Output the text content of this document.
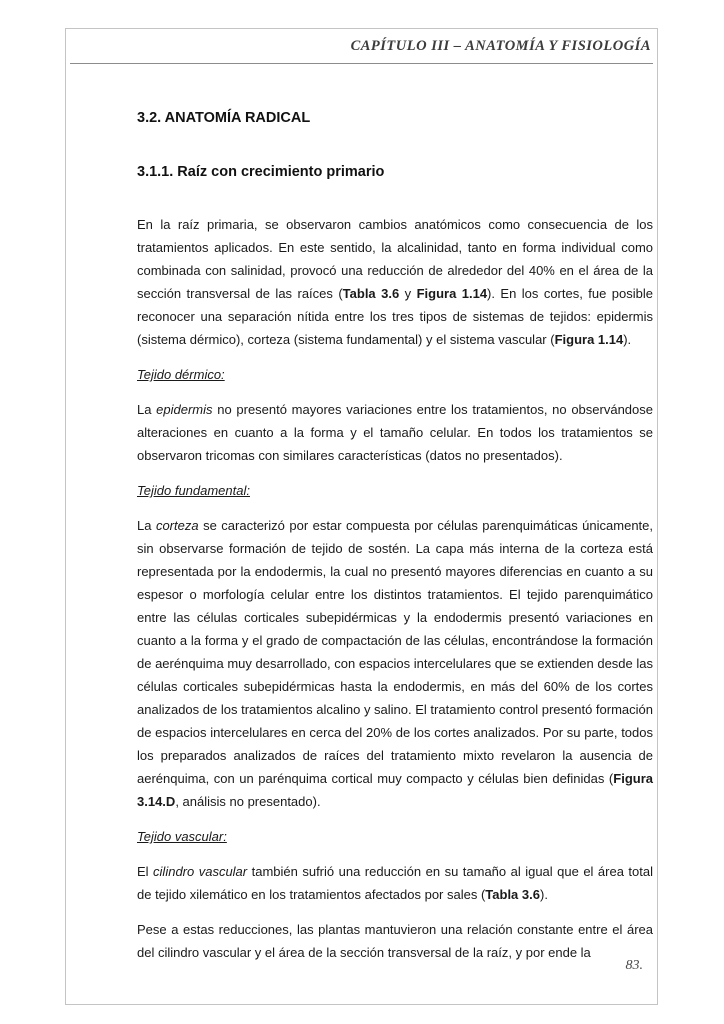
CAPÍTULO III – ANATOMÍA Y FISIOLOGÍA
3.2. ANATOMÍA RADICAL
3.1.1. Raíz con crecimiento primario

En la raíz primaria, se observaron cambios anatómicos como consecuencia de los tratamientos aplicados. En este sentido, la alcalinidad, tanto en forma individual como combinada con salinidad, provocó una reducción de alrededor del 40% en el área de la sección transversal de las raíces (Tabla 3.6 y Figura 1.14). En los cortes, fue posible reconocer una separación nítida entre los tres tipos de sistemas de tejidos: epidermis (sistema dérmico), corteza (sistema fundamental) y el sistema vascular (Figura 1.14).

Tejido dérmico:

La epidermis no presentó mayores variaciones entre los tratamientos, no observándose alteraciones en cuanto a la forma y el tamaño celular. En todos los tratamientos se observaron tricomas con similares características (datos no presentados).

Tejido fundamental:

La corteza se caracterizó por estar compuesta por células parenquimáticas únicamente, sin observarse formación de tejido de sostén. La capa más interna de la corteza está representada por la endodermis, la cual no presentó mayores diferencias en cuanto a su espesor o morfología celular entre los distintos tratamientos. El tejido parenquimático entre las células corticales subepidérmicas y la endodermis presentó variaciones en cuanto a la forma y el grado de compactación de las células, encontrándose la formación de aerénquima muy desarrollado, con espacios intercelulares que se extienden desde las células corticales subepidérmicas hasta la endodermis, en más del 60% de los cortes analizados de los tratamientos alcalino y salino. El tratamiento control presentó formación de espacios intercelulares en cerca del 20% de los cortes analizados. Por su parte, todos los preparados analizados de raíces del tratamiento mixto revelaron la ausencia de aerénquima, con un parénquima cortical muy compacto y células bien definidas (Figura 3.14.D, análisis no presentado).

Tejido vascular:

El cilindro vascular también sufrió una reducción en su tamaño al igual que el área total de tejido xilemático en los tratamientos afectados por sales (Tabla 3.6).

Pese a estas reducciones, las plantas mantuvieron una relación constante entre el área del cilindro vascular y el área de la sección transversal de la raíz, y por ende la

83.
